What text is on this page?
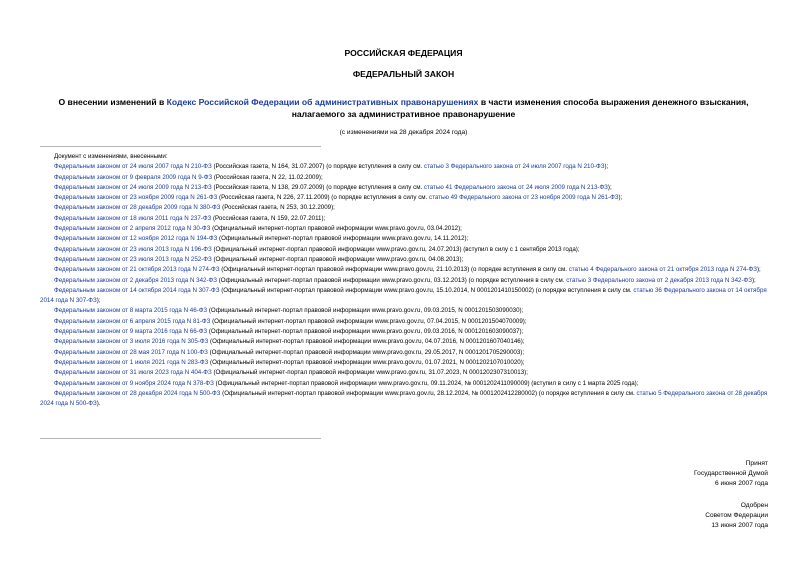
РОССИЙСКАЯ ФЕДЕРАЦИЯ
ФЕДЕРАЛЬНЫЙ ЗАКОН
О внесении изменений в Кодекс Российской Федерации об административных правонарушениях в части изменения способа выражения денежного взыскания,
налагаемого за административное правонарушение
(с изменениями на 28 декабря 2024 года)
Документ с изменениями, внесенными:
Федеральным законом от 24 июля 2007 года N 210-ФЗ (Российская газета, N 164, 31.07.2007) (о порядке вступления в силу см. статью 3 Федерального закона от 24 июля 2007 года N 210-ФЗ);
Федеральным законом от 9 февраля 2009 года N 9-ФЗ (Российская газета, N 22, 11.02.2009);
Федеральным законом от 24 июля 2009 года N 213-ФЗ (Российская газета, N 138, 29.07.2009) (о порядке вступления в силу см. статью 41 Федерального закона от 24 июля 2009 года N 213-ФЗ);
Федеральным законом от 23 ноября 2009 года N 261-ФЗ (Российская газета, N 226, 27.11.2009) (о порядке вступления в силу см. статью 49 Федерального закона от 23 ноября 2009 года N 261-ФЗ);
Федеральным законом от 28 декабря 2009 года N 380-ФЗ (Российская газета, N 253, 30.12.2009);
Федеральным законом от 18 июля 2011 года N 237-ФЗ (Российская газета, N 159, 22.07.2011);
Федеральным законом от 2 апреля 2012 года N 30-ФЗ (Официальный интернет-портал правовой информации www.pravo.gov.ru, 03.04.2012);
Федеральным законом от 12 ноября 2012 года N 194-ФЗ (Официальный интернет-портал правовой информации www.pravo.gov.ru, 14.11.2012);
Федеральным законом от 23 июля 2013 года N 196-ФЗ (Официальный интернет-портал правовой информации www.pravo.gov.ru, 24.07.2013) (вступил в силу с 1 сентября 2013 года);
Федеральным законом от 23 июля 2013 года N 252-ФЗ (Официальный интернет-портал правовой информации www.pravo.gov.ru, 04.08.2013);
Федеральным законом от 21 октября 2013 года N 274-ФЗ (Официальный интернет-портал правовой информации www.pravo.gov.ru, 21.10.2013) (о порядке вступления в силу см. статью 4 Федерального закона от 21 октября 2013 года N 274-ФЗ);
Федеральным законом от 2 декабря 2013 года N 342-ФЗ (Официальный интернет-портал правовой информации www.pravo.gov.ru, 03.12.2013) (о порядке вступления в силу см. статью 3 Федерального закона от 2 декабря 2013 года N 342-ФЗ);
Федеральным законом от 14 октября 2014 года N 307-ФЗ (Официальный интернет-портал правовой информации www.pravo.gov.ru, 15.10.2014, N 0001201410150002) (о порядке вступления в силу см. статью 36 Федерального закона от 14 октября 2014 года N 307-ФЗ);
Федеральным законом от 8 марта 2015 года N 46-ФЗ (Официальный интернет-портал правовой информации www.pravo.gov.ru, 09.03.2015, N 0001201503090030);
Федеральным законом от 6 апреля 2015 года N 81-ФЗ (Официальный интернет-портал правовой информации www.pravo.gov.ru, 07.04.2015, N 0001201504070009);
Федеральным законом от 9 марта 2016 года N 66-ФЗ (Официальный интернет-портал правовой информации www.pravo.gov.ru, 09.03.2016, N 0001201603090037);
Федеральным законом от 3 июля 2016 года N 305-ФЗ (Официальный интернет-портал правовой информации www.pravo.gov.ru, 04.07.2016, N 0001201607040146);
Федеральным законом от 28 мая 2017 года N 100-ФЗ (Официальный интернет-портал правовой информации www.pravo.gov.ru, 29.05.2017, N 0001201705290003);
Федеральным законом от 1 июля 2021 года N 283-ФЗ (Официальный интернет-портал правовой информации www.pravo.gov.ru, 01.07.2021, N 0001202107010020);
Федеральным законом от 31 июля 2023 года N 404-ФЗ (Официальный интернет-портал правовой информации www.pravo.gov.ru, 31.07.2023, N 0001202307310013);
Федеральным законом от 9 ноября 2024 года N 378-ФЗ (Официальный интернет-портал правовой информации www.pravo.gov.ru, 09.11.2024, № 0001202411090009) (вступил в силу с 1 марта 2025 года);
Федеральным законом от 28 декабря 2024 года N 500-ФЗ (Официальный интернет-портал правовой информации www.pravo.gov.ru, 28.12.2024, № 0001202412280002) (о порядке вступления в силу см. статью 5 Федерального закона от 28 декабря 2024 года N 500-ФЗ).
Принят
Государственной Думой
6 июня 2007 года
Одобрен
Советом Федерации
13 июня 2007 года
